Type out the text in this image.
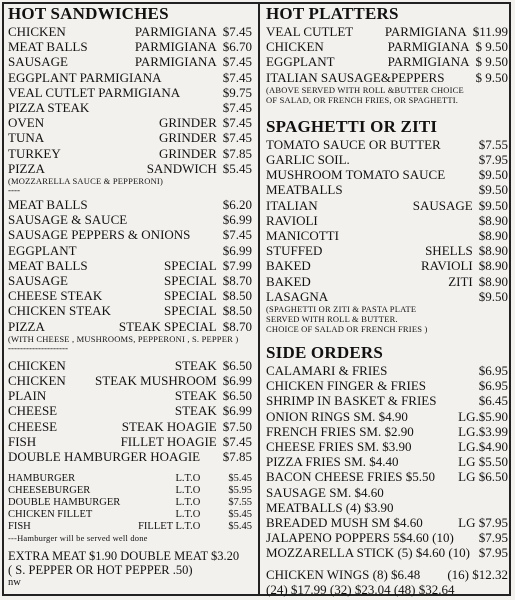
HOT SANDWICHES
CHICKEN	PARMIGIANA $7.45
MEAT BALLS	PARMIGIANA $6.70
SAUSAGE	PARMIGIANA $7.45
EGGPLANT PARMIGIANA	$7.45
VEAL CUTLET PARMIGIANA	$9.75
PIZZA STEAK	$7.45
OVEN	GRINDER $7.45
TUNA	GRINDER $7.45
TURKEY	GRINDER $7.85
PIZZA	SANDWICH $5.45
(MOZZARELLA SAUCE & PEPPERONI)
----
MEAT BALLS	$6.20
SAUSAGE & SAUCE	$6.99
SAUSAGE PEPPERS & ONIONS	$7.45
EGGPLANT	$6.99
MEAT BALLS	SPECIAL $7.99
SAUSAGE	SPECIAL $8.70
CHEESE STEAK	SPECIAL $8.50
CHICKEN STEAK	SPECIAL $8.50
PIZZA	STEAK SPECIAL $8.70
(WITH CHEESE , MUSHROOMS, PEPPERONI , S. PEPPER )
--------------------
CHICKEN	STEAK $6.50
CHICKEN	STEAK MUSHROOM $6.99
PLAIN	STEAK $6.50
CHEESE	STEAK $6.99
CHEESE	STEAK HOAGIE $7.50
FISH	FILLET HOAGIE $7.45
DOUBLE HAMBURGER HOAGIE	$7.85
HAMBURGER	L.T.O	$5.45
CHEESEBURGER	L.T.O	$5.95
DOUBLE HAMBURGER	L.T.O	$7.55
CHICKEN FILLET	L.T.O	$5.45
FISH	FILLET L.T.O	$5.45
---Hamburger will be served well done
EXTRA MEAT $1.90 DOUBLE MEAT $3.20
( S. PEPPER OR HOT PEPPER .50)
nw
HOT PLATTERS
VEAL CUTLET	PARMIGIANA $11.99
CHICKEN	PARMIGIANA $ 9.50
EGGPLANT	PARMIGIANA $ 9.50
ITALIAN SAUSAGE&PEPPERS	$ 9.50
(ABOVE SERVED WITH ROLL &BUTTER CHOICE
OF SALAD, OR FRENCH FRIES, OR SPAGHETTI.
SPAGHETTI OR ZITI
TOMATO SAUCE OR BUTTER	$7.55
GARLIC SOIL.	$7.95
MUSHROOM TOMATO SAUCE	$9.50
MEATBALLS	$9.50
ITALIAN	SAUSAGE $9.50
RAVIOLI	$8.90
MANICOTTI	$8.90
STUFFED	SHELLS $8.90
BAKED	RAVIOLI $8.90
BAKED	ZITI $8.90
LASAGNA	$9.50
(SPAGHETTI OR ZITI & PASTA PLATE
SERVED WITH ROLL & BUTTER.
CHOICE OF SALAD OR FRENCH FRIES )
SIDE ORDERS
CALAMARI & FRIES	$6.95
CHICKEN FINGER & FRIES	$6.95
SHRIMP IN BASKET & FRIES	$6.45
ONION RINGS SM. $4.90	LG.$5.90
FRENCH FRIES SM. $2.90	LG.$3.99
CHEESE FRIES SM. $3.90	LG.$4.90
PIZZA FRIES SM. $4.40	LG $5.50
BACON CHEESE FRIES $5.50	LG $6.50
SAUSAGE SM. $4.60
MEATBALLS (4) $3.90
BREADED MUSH SM $4.60	LG $7.95
JALAPENO POPPERS 5$4.60 (10)	$7.95
MOZZARELLA STICK (5) $4.60 (10) $7.95
CHICKEN WINGS (8) $6.48	(16) $12.32
(24) $17.99 (32) $23.04 (48) $32.64
